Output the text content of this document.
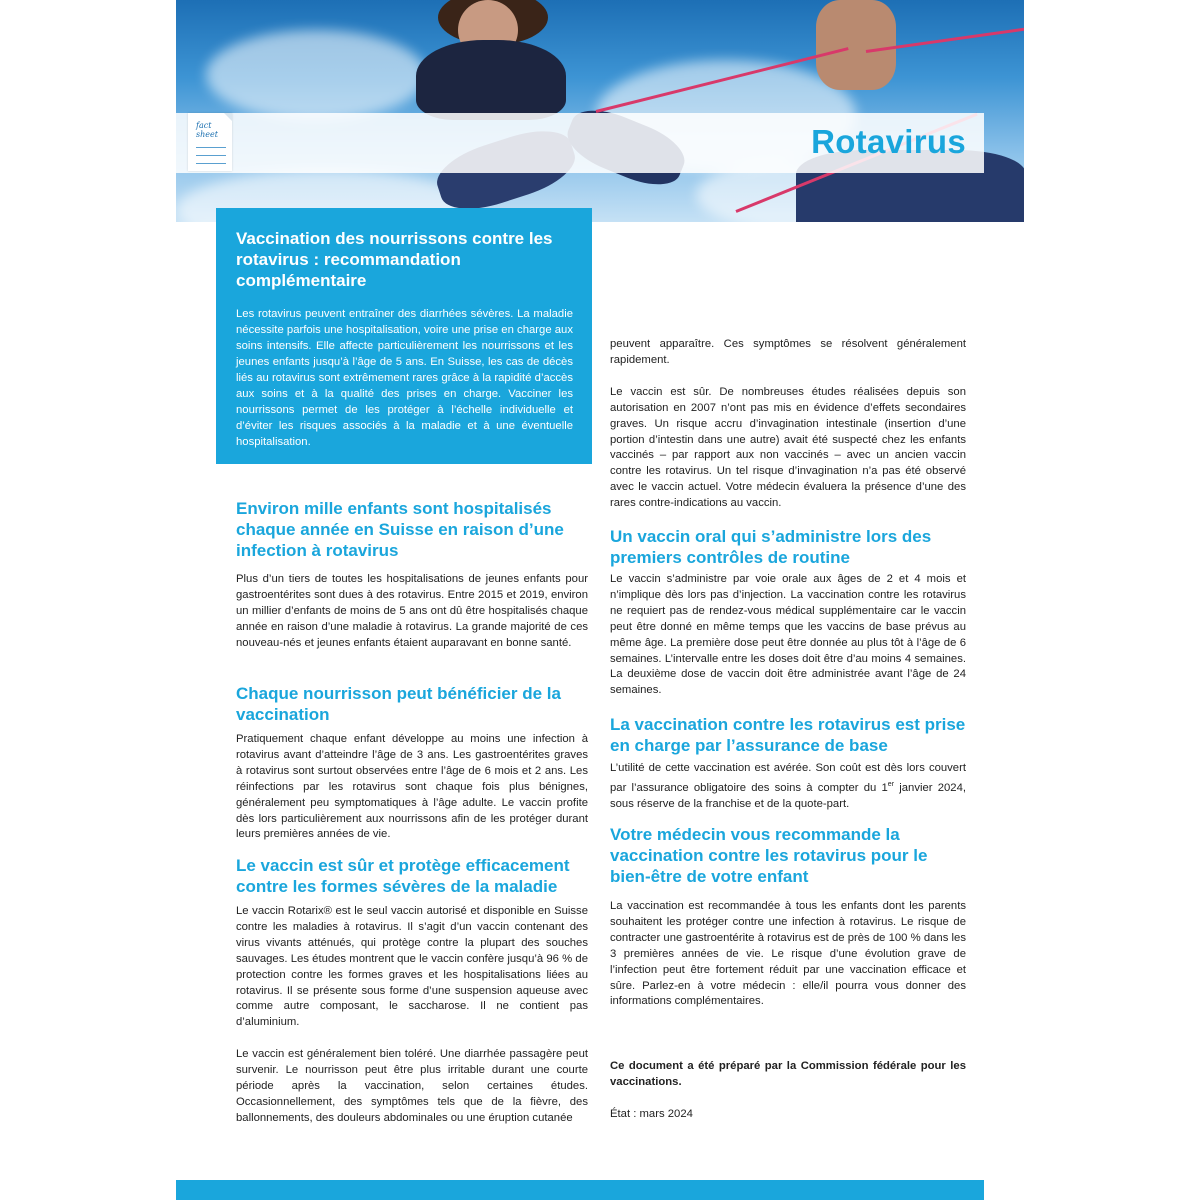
Rotavirus
fact
sheet
Vaccination des nourrissons contre les rotavirus : recommandation complémentaire

Les rotavirus peuvent entraîner des diarrhées sévères. La maladie nécessite parfois une hospitalisation, voire une prise en charge aux soins intensifs. Elle affecte particulièrement les nourrissons et les jeunes enfants jusqu’à l’âge de 5 ans. En Suisse, les cas de décès liés au rotavirus sont extrêmement rares grâce à la rapidité d’accès aux soins et à la qualité des prises en charge. Vacciner les nourrissons permet de les protéger à l’échelle individuelle et d’éviter les risques associés à la maladie et à une éventuelle hospitalisation.

Environ mille enfants sont hospitalisés chaque année en Suisse en raison d’une infection à rotavirus

Plus d’un tiers de toutes les hospitalisations de jeunes enfants pour gastroentérites sont dues à des rotavirus. Entre 2015 et 2019, environ un millier d’enfants de moins de 5 ans ont dû être hospitalisés chaque année en raison d’une maladie à rotavirus. La grande majorité de ces nouveau-nés et jeunes enfants étaient auparavant en bonne santé.

Chaque nourrisson peut bénéficier de la vaccination

Pratiquement chaque enfant développe au moins une infection à rotavirus avant d’atteindre l’âge de 3 ans. Les gastroentérites graves à rotavirus sont surtout observées entre l’âge de 6 mois et 2 ans. Les réinfections par les rotavirus sont chaque fois plus bénignes, généralement peu symptomatiques à l’âge adulte. Le vaccin profite dès lors particulièrement aux nourrissons afin de les protéger durant leurs premières années de vie.

Le vaccin est sûr et protège efficacement contre les formes sévères de la maladie

Le vaccin Rotarix® est le seul vaccin autorisé et disponible en Suisse contre les maladies à rotavirus. Il s’agit d’un vaccin contenant des virus vivants atténués, qui protège contre la plupart des souches sauvages. Les études montrent que le vaccin confère jusqu’à 96 % de protection contre les formes graves et les hospitalisations liées au rotavirus. Il se présente sous forme d’une suspension aqueuse avec comme autre composant, le saccharose. Il ne contient pas d’aluminium.

Le vaccin est généralement bien toléré. Une diarrhée passagère peut survenir. Le nourrisson peut être plus irritable durant une courte période après la vaccination, selon certaines études. Occasionnellement, des symptômes tels que de la fièvre, des ballonnements, des douleurs abdominales ou une éruption cutanée

peuvent apparaître. Ces symptômes se résolvent généralement rapidement.

Le vaccin est sûr. De nombreuses études réalisées depuis son autorisation en 2007 n’ont pas mis en évidence d’effets secondaires graves. Un risque accru d’invagination intestinale (insertion d’une portion d’intestin dans une autre) avait été suspecté chez les enfants vaccinés – par rapport aux non vaccinés – avec un ancien vaccin contre les rotavirus. Un tel risque d’invagination n’a pas été observé avec le vaccin actuel. Votre médecin évaluera la présence d’une des rares contre-indications au vaccin.

Un vaccin oral qui s’administre lors des premiers contrôles de routine

Le vaccin s’administre par voie orale aux âges de 2 et 4 mois et n’implique dès lors pas d’injection. La vaccination contre les rotavirus ne requiert pas de rendez-vous médical supplémentaire car le vaccin peut être donné en même temps que les vaccins de base prévus au même âge. La première dose peut être donnée au plus tôt à l’âge de 6 semaines. L’intervalle entre les doses doit être d’au moins 4 semaines. La deuxième dose de vaccin doit être administrée avant l’âge de 24 semaines.

La vaccination contre les rotavirus est prise en charge par l’assurance de base

L’utilité de cette vaccination est avérée. Son coût est dès lors couvert par l’assurance obligatoire des soins à compter du 1er janvier 2024, sous réserve de la franchise et de la quote-part.

Votre médecin vous recommande la vaccination contre les rotavirus pour le bien-être de votre enfant

La vaccination est recommandée à tous les enfants dont les parents souhaitent les protéger contre une infection à rotavirus. Le risque de contracter une gastroentérite à rotavirus est de près de 100 % dans les 3 premières années de vie. Le risque d’une évolution grave de l’infection peut être fortement réduit par une vaccination efficace et sûre. Parlez-en à votre médecin : elle/il pourra vous donner des informations complémentaires.

Ce document a été préparé par la Commission fédérale pour les vaccinations.

État : mars 2024
